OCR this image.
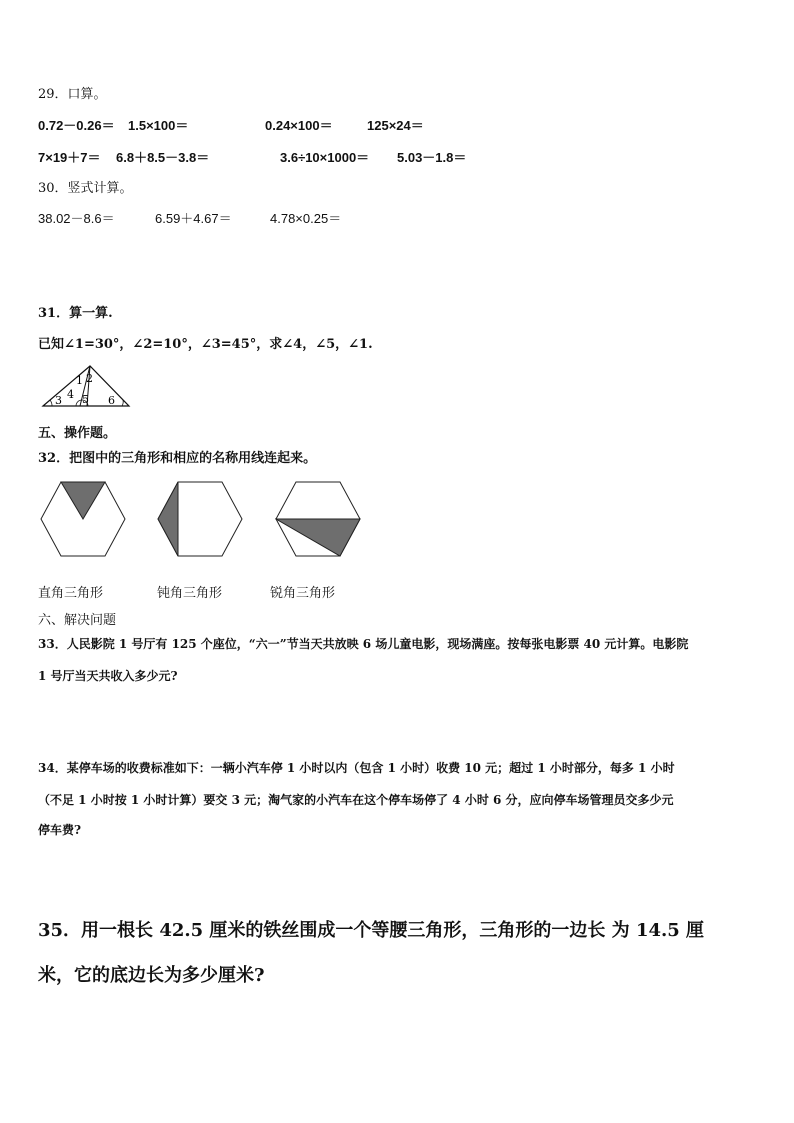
29．口算。
0.72－0.26＝ 1.5×100＝	0.24×100＝	125×24＝
7×19＋7＝ 6.8＋8.5－3.8＝	3.6÷10×1000＝ 5.03－1.8＝
30．竖式计算。
38.02－8.6＝	6.59＋4.67＝	4.78×0.25＝
31．算一算.
已知∠1=30°，∠2=10°，∠3=45°，求∠4，∠5，∠1.
1 2
3 4 5 6
五、操作题。
32．把图中的三角形和相应的名称用线连起来。
直角三角形	钝角三角形	锐角三角形
六、解决问题
33．人民影院 1 号厅有 125 个座位，“六一”节当天共放映 6 场儿童电影，现场满座。按每张电影票 40 元计算。电影院
1 号厅当天共收入多少元?
34．某停车场的收费标准如下：一辆小汽车停 1 小时以内（包含 1 小时）收费 10 元；超过 1 小时部分，每多 1 小时
（不足 1 小时按 1 小时计算）要交 3 元；淘气家的小汽车在这个停车场停了 4 小时 6 分，应向停车场管理员交多少元
停车费?
35．用一根长 42.5 厘米的铁丝围成一个等腰三角形，三角形的一边长 为 14.5 厘
米，它的底边长为多少厘米?
